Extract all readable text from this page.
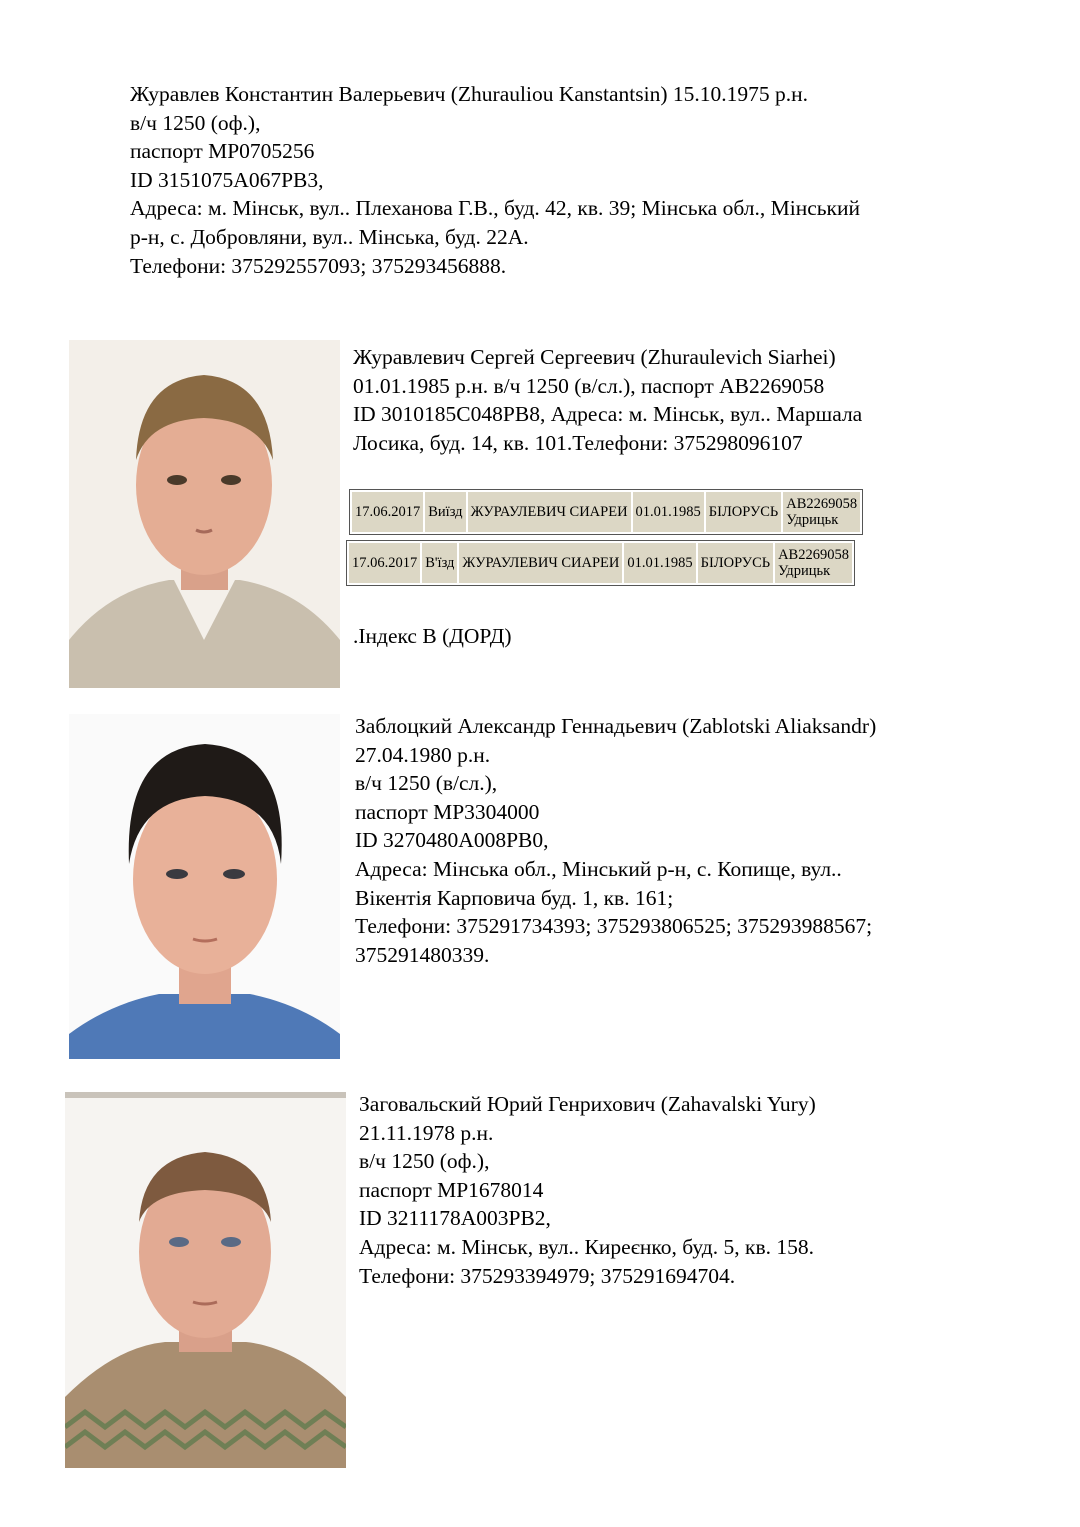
Журавлев Константин Валерьевич (Zhurauliou Kanstantsin) 15.10.1975 р.н.
в/ч 1250 (оф.),
паспорт МР0705256
ID 3151075А067РВ3,
Адреса: м. Мінськ, вул.. Плеханова Г.В., буд. 42, кв. 39; Мінська обл., Мінський
р-н, с. Добровляни, вул.. Мінська, буд. 22А.
Телефони: 375292557093; 375293456888.
Журавлевич Сергей Сергеевич (Zhuraulevich Siarhei)
01.01.1985 р.н. в/ч 1250 (в/сл.), паспорт АВ2269058
ID 3010185С048РВ8, Адреса: м. Мінськ, вул.. Маршала
Лосика, буд. 14, кв. 101.Телефони: 375298096107
17.06.2017	Виїзд	ЖУРАУЛЕВИЧ СИАРЕИ	01.01.1985	БІЛОРУСЬ	AB2269058
Удрицьк
17.06.2017	В'їзд	ЖУРАУЛЕВИЧ СИАРЕИ	01.01.1985	БІЛОРУСЬ	AB2269058
Удрицьк
.Індекс В (ДОРД)
Заблоцкий Александр Геннадьевич (Zablotski Aliaksandr)
27.04.1980 р.н.
в/ч 1250 (в/сл.),
паспорт МР3304000
ID 3270480А008РВ0,
Адреса: Мінська обл., Мінський р-н, с. Копище, вул..
Вікентія Карповича буд. 1, кв. 161;
Телефони: 375291734393; 375293806525; 375293988567;
375291480339.
Заговальский Юрий Генрихович (Zahavalski Yury)
21.11.1978 р.н.
в/ч 1250 (оф.),
паспорт МР1678014
ID 3211178А003РВ2,
Адреса: м. Мінськ, вул.. Киреєнко, буд. 5, кв. 158.
Телефони: 375293394979; 375291694704.
